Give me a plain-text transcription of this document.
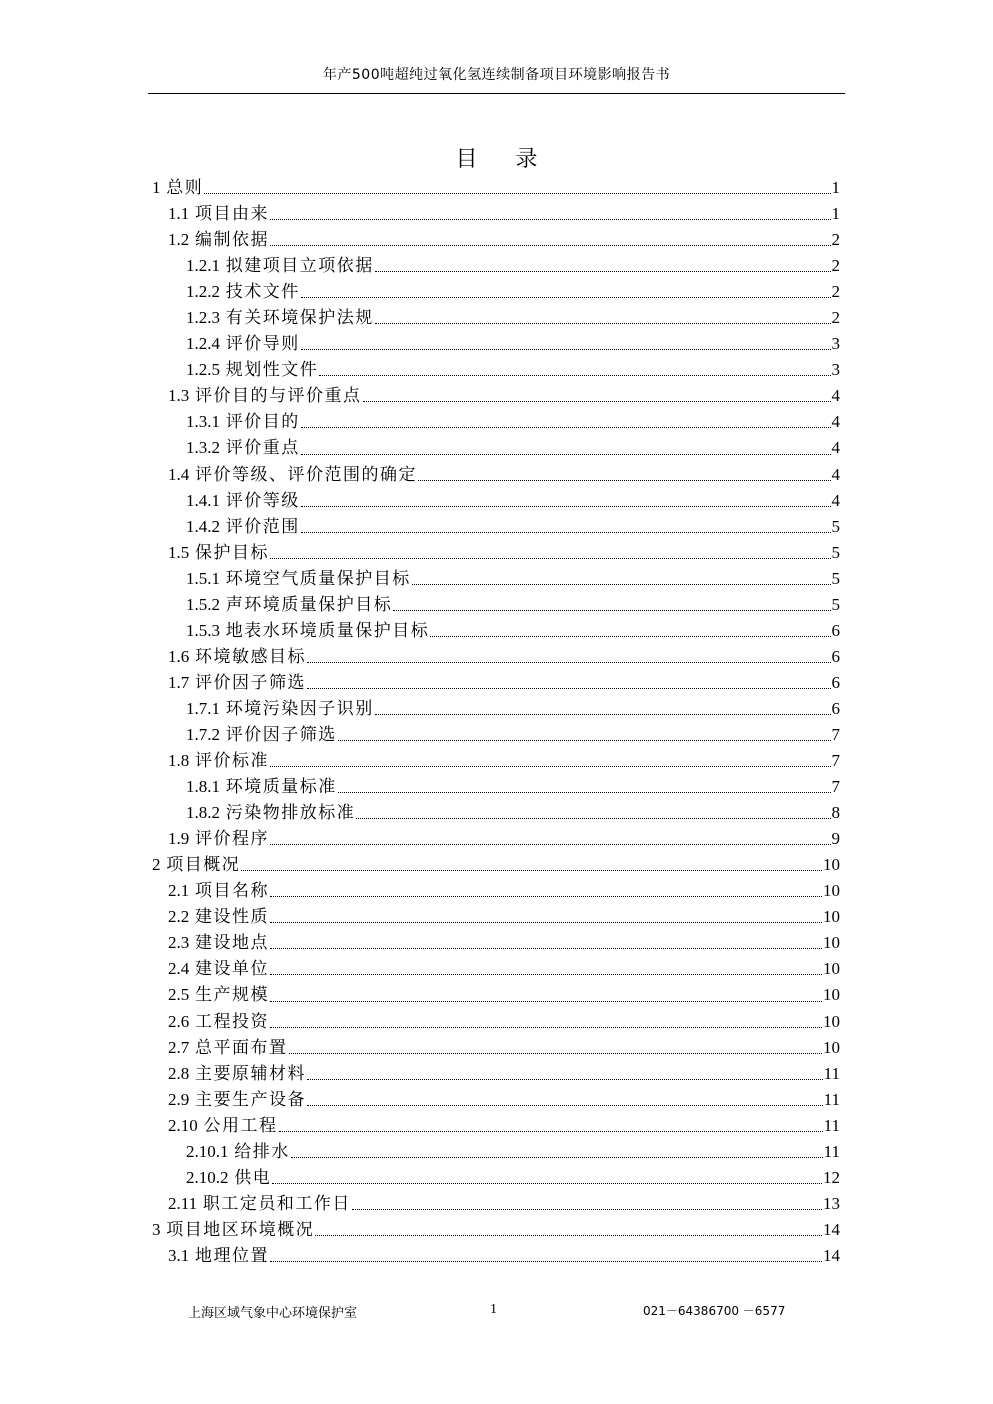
年产500吨超纯过氧化氢连续制备项目环境影响报告书
目 录
1 总则	1
1.1 项目由来	1
1.2 编制依据	2
1.2.1 拟建项目立项依据	2
1.2.2 技术文件	2
1.2.3 有关环境保护法规	2
1.2.4 评价导则	3
1.2.5 规划性文件	3
1.3 评价目的与评价重点	4
1.3.1 评价目的	4
1.3.2 评价重点	4
1.4 评价等级、评价范围的确定	4
1.4.1 评价等级	4
1.4.2 评价范围	5
1.5 保护目标	5
1.5.1 环境空气质量保护目标	5
1.5.2 声环境质量保护目标	5
1.5.3 地表水环境质量保护目标	6
1.6 环境敏感目标	6
1.7 评价因子筛选	6
1.7.1 环境污染因子识别	6
1.7.2 评价因子筛选	7
1.8 评价标准	7
1.8.1 环境质量标准	7
1.8.2 污染物排放标准	8
1.9 评价程序	9
2 项目概况	10
2.1 项目名称	10
2.2 建设性质	10
2.3 建设地点	10
2.4 建设单位	10
2.5 生产规模	10
2.6 工程投资	10
2.7 总平面布置	10
2.8 主要原辅材料	11
2.9 主要生产设备	11
2.10 公用工程	11
2.10.1 给排水	11
2.10.2 供电	12
2.11 职工定员和工作日	13
3 项目地区环境概况	14
3.1 地理位置	14
上海区域气象中心环境保护室	1	021－64386700 －6577
